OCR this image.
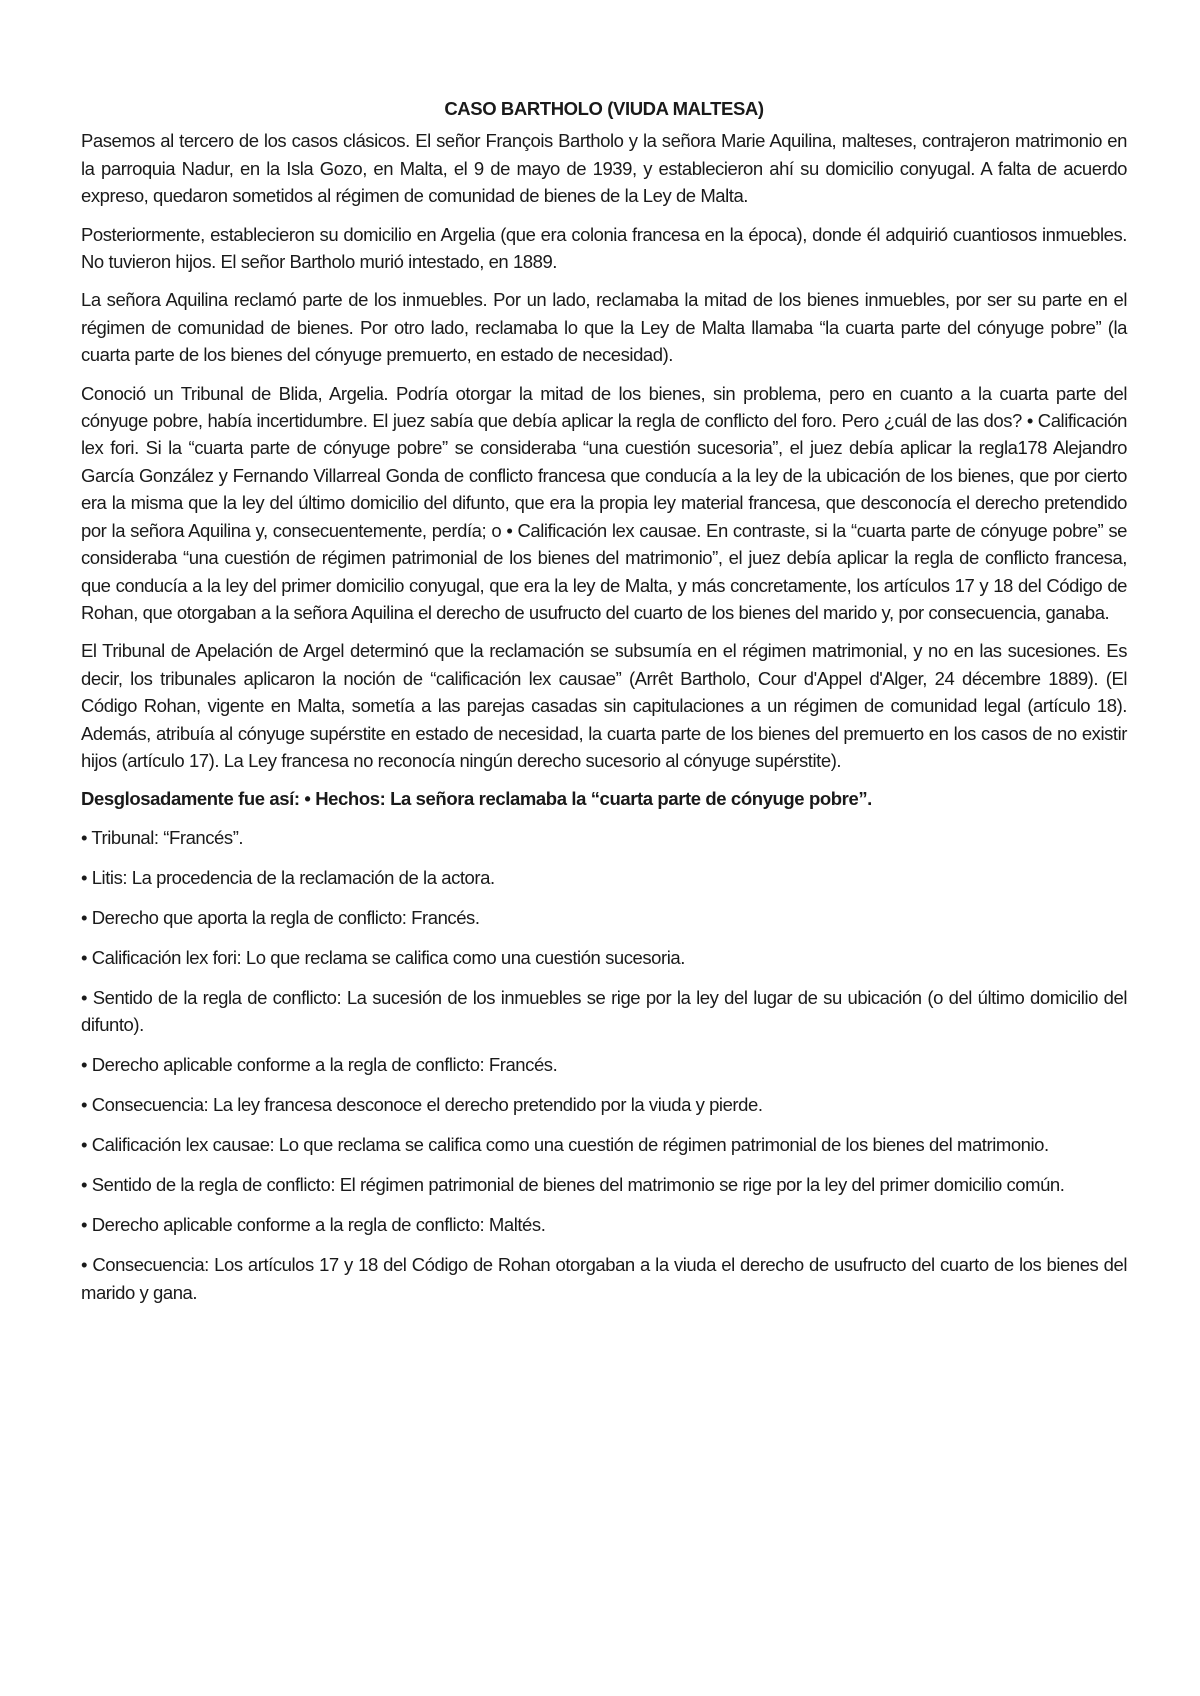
CASO BARTHOLO (VIUDA MALTESA)

Pasemos al tercero de los casos clásicos. El señor François Bartholo y la señora Marie Aquilina, malteses, contrajeron matrimonio en la parroquia Nadur, en la Isla Gozo, en Malta, el 9 de mayo de 1939, y establecieron ahí su domicilio conyugal. A falta de acuerdo expreso, quedaron sometidos al régimen de comunidad de bienes de la Ley de Malta.

Posteriormente, establecieron su domicilio en Argelia (que era colonia francesa en la época), donde él adquirió cuantiosos inmuebles. No tuvieron hijos. El señor Bartholo murió intestado, en 1889.

La señora Aquilina reclamó parte de los inmuebles. Por un lado, reclamaba la mitad de los bienes inmuebles, por ser su parte en el régimen de comunidad de bienes. Por otro lado, reclamaba lo que la Ley de Malta llamaba “la cuarta parte del cónyuge pobre” (la cuarta parte de los bienes del cónyuge premuerto, en estado de necesidad).

Conoció un Tribunal de Blida, Argelia. Podría otorgar la mitad de los bienes, sin problema, pero en cuanto a la cuarta parte del cónyuge pobre, había incertidumbre. El juez sabía que debía aplicar la regla de conflicto del foro. Pero ¿cuál de las dos? • Calificación lex fori. Si la “cuarta parte de cónyuge pobre” se consideraba “una cuestión sucesoria”, el juez debía aplicar la regla178 Alejandro García González y Fernando Villarreal Gonda de conflicto francesa que conducía a la ley de la ubicación de los bienes, que por cierto era la misma que la ley del último domicilio del difunto, que era la propia ley material francesa, que desconocía el derecho pretendido por la señora Aquilina y, consecuentemente, perdía; o • Calificación lex causae. En contraste, si la “cuarta parte de cónyuge pobre” se consideraba “una cuestión de régimen patrimonial de los bienes del matrimonio”, el juez debía aplicar la regla de conflicto francesa, que conducía a la ley del primer domicilio conyugal, que era la ley de Malta, y más concretamente, los artículos 17 y 18 del Código de Rohan, que otorgaban a la señora Aquilina el derecho de usufructo del cuarto de los bienes del marido y, por consecuencia, ganaba.

El Tribunal de Apelación de Argel determinó que la reclamación se subsumía en el régimen matrimonial, y no en las sucesiones. Es decir, los tribunales aplicaron la noción de “calificación lex causae” (Arrêt Bartholo, Cour d'Appel d'Alger, 24 décembre 1889). (El Código Rohan, vigente en Malta, sometía a las parejas casadas sin capitulaciones a un régimen de comunidad legal (artículo 18). Además, atribuía al cónyuge supérstite en estado de necesidad, la cuarta parte de los bienes del premuerto en los casos de no existir hijos (artículo 17). La Ley francesa no reconocía ningún derecho sucesorio al cónyuge supérstite).

Desglosadamente fue así: • Hechos: La señora reclamaba la “cuarta parte de cónyuge pobre”.

• Tribunal: “Francés”.
• Litis: La procedencia de la reclamación de la actora.
• Derecho que aporta la regla de conflicto: Francés.
• Calificación lex fori: Lo que reclama se califica como una cuestión sucesoria.
• Sentido de la regla de conflicto: La sucesión de los inmuebles se rige por la ley del lugar de su ubicación (o del último domicilio del difunto).
• Derecho aplicable conforme a la regla de conflicto: Francés.
• Consecuencia: La ley francesa desconoce el derecho pretendido por la viuda y pierde.
• Calificación lex causae: Lo que reclama se califica como una cuestión de régimen patrimonial de los bienes del matrimonio.
• Sentido de la regla de conflicto: El régimen patrimonial de bienes del matrimonio se rige por la ley del primer domicilio común.
• Derecho aplicable conforme a la regla de conflicto: Maltés.
• Consecuencia: Los artículos 17 y 18 del Código de Rohan otorgaban a la viuda el derecho de usufructo del cuarto de los bienes del marido y gana.
